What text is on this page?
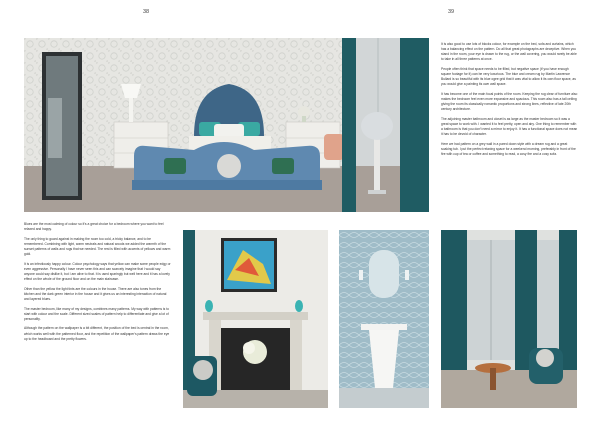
38	39

It is also good to use lots of blocks colour, for example on the bed, sofa and curtains, which has a balancing effect on the pattern. Do all that great photographs are deceptive. When you stand in the room, your eye is drawn to the rug, or the wall covering, you would rarely be able to take in all three patterns at once.

People often think that space needs to be filled, but negative space (if you have enough square footage for it) can be very luxurious. The blue and cream rug by Martin Lawrence Bullard is so beautiful with its blue ogee grid that it was vital to allow it its own floor space, as you would give a painting its own wall space.

It has become one of the main focal points of the room. Keeping the rug clear of furniture also makes the bedroom feel even more expansive and spacious. This room also has a tall ceiling giving the room its classically romantic proportions and strong lines, reflective of late 20th century architecture.

The adjoining master bathroom and closet is as large as the master bedroom so it was a great space to work with. I wanted it to feel pretty, open and airy. One thing to remember with a bathroom is that you don't need a mirror to enjoy it. It has a functional space does not mean it has to be devoid of character.

Here we had pattern on a grey wall in a pared down style with a dream rug and a great soaking tub. I put the perfect relaxing space for a weekend morning, preferably in front of the fire with cup of tea or coffee and something to read, a cosy fire and a cosy sofa.

Blues are the most calming of colour so it's a great choice for a bedroom where you want to feel relaxed and happy.

The only thing to guard against in making the room too cold, a tricky balance, and to be remembered. Combining with light, warm neutrals and natural woods we added the warmth of the sunset patterns of walls and rugs that we needed. The rest is filled with accents of yellows and warm gold.

It is an infectiously happy colour. Colour psychology says that yellow can make some people edgy or even aggressive. Personally I have never seen this and can scarcely imagine that I would say anyone could say dislike it, but I am alive to that. It is used sparingly but well here and it has a lovely effect on the whole of the ground floor and on the main staircase.

Other than the yellow the light tints are the colours in the house. There are also tones from the kitchen and the dark green interior in the house and it gives us an interesting interaction of natural and layered blues.

The master bedroom, like many of my designs, combines many patterns. My way with patterns is to start with colour and the scale. Different sized scales of pattern help to differentiate and give a lot of personality.

Although the pattern on the wallpaper is a bit different, the position of the bed is central in the room, which works well with the patterned floor, and the repetition of the wallpaper's pattern draws the eye up to the headboard and the pretty flowers.
